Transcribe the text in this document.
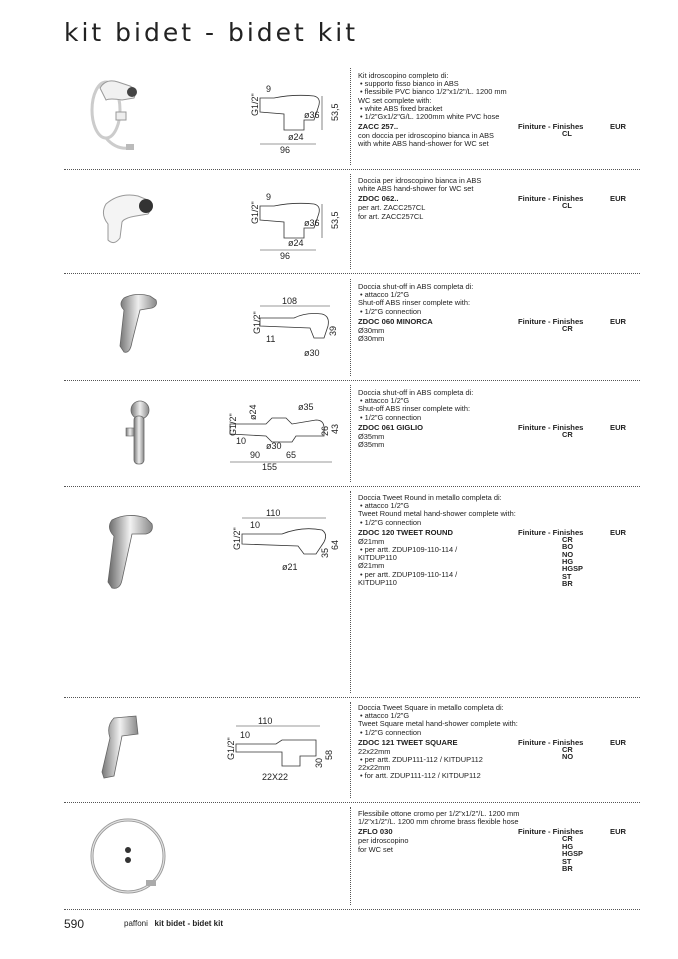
kit bidet - bidet kit
G1/2"
9
53,5
ø36
ø24
96
Kit idroscopino completo di:
• supporto fisso bianco in ABS
• flessibile PVC bianco 1/2"x1/2"/L. 1200 mm
WC set complete with:
• white ABS fixed bracket
• 1/2"Gx1/2"G/L. 1200mm white PVC hose
ZACC 257..	Finiture - Finishes	EUR
con doccia per idroscopino bianca in ABS
with white ABS hand-shower for WC set
CL
G1/2"
9
53,5
ø36
ø24
96
Doccia per idroscopino bianca in ABS
white ABS hand-shower for WC set
ZDOC 062..	Finiture - Finishes	EUR
per art. ZACC257CL
for art. ZACC257CL
CL
G1/2"
108
11
39
ø30
Doccia shut-off in ABS completa di:
• attacco 1/2"G
Shut-off ABS rinser complete with:
• 1/2"G connection
ZDOC 060 MINORCA	Finiture - Finishes	EUR
Ø30mm
Ø30mm
CR
G1/2"
ø24	ø35
10 ø30
26 43
90	65
155
Doccia shut-off in ABS completa di:
• attacco 1/2"G
Shut-off ABS rinser complete with:
• 1/2"G connection
ZDOC 061 GIGLIO	Finiture - Finishes	EUR
Ø35mm
Ø35mm
CR
G1/2"
110
10
35
64
ø21
Doccia Tweet Round in metallo completa di:
• attacco 1/2"G
Tweet Round metal hand-shower complete with:
• 1/2"G connection
ZDOC 120 TWEET ROUND	Finiture - Finishes	EUR
Ø21mm
• per artt. ZDUP109-110-114 /
KITDUP110
Ø21mm
• per artt. ZDUP109-110-114 /
KITDUP110
CR
BO
NO
HG
HGSP
ST
BR
G1/2"
110
10
30
58
22X22
Doccia Tweet Square in metallo completa di:
• attacco 1/2"G
Tweet Square metal hand-shower complete with:
• 1/2"G connection
ZDOC 121 TWEET SQUARE	Finiture - Finishes	EUR
22x22mm
• per artt. ZDUP111-112 / KITDUP112
22x22mm
• for artt. ZDUP111-112 / KITDUP112
CR
NO
Flessibile ottone cromo per 1/2"x1/2"/L. 1200 mm
1/2"x1/2"/L. 1200 mm chrome brass flexible hose
ZFLO 030	Finiture - Finishes	EUR
per idroscopino
for WC set
CR
HG
HGSP
ST
BR
590	paffoni kit bidet - bidet kit
